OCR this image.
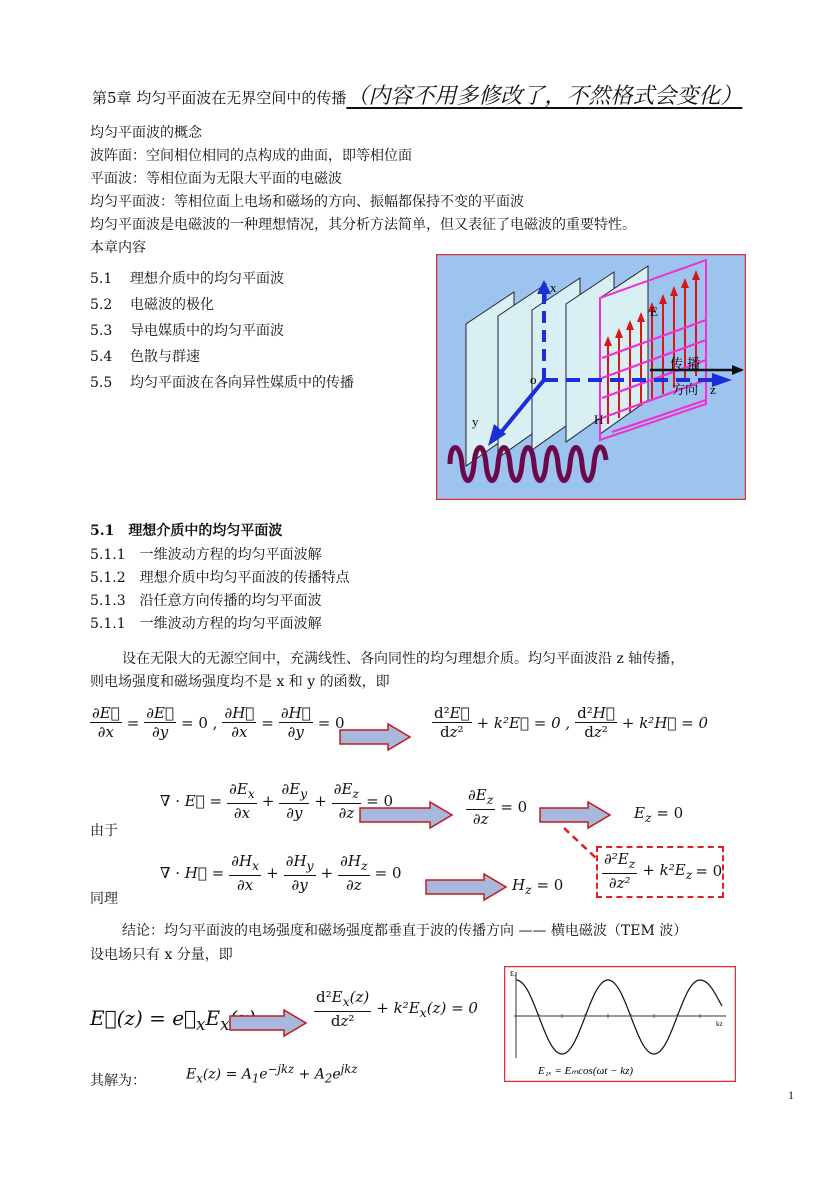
第5章 均匀平面波在无界空间中的传播（内容不用多修改了，不然格式会变化）
均匀平面波的概念
波阵面：空间相位相同的点构成的曲面，即等相位面
平面波：等相位面为无限大平面的电磁波
均匀平面波：等相位面上电场和磁场的方向、振幅都保持不变的平面波
均匀平面波是电磁波的一种理想情况，其分析方法简单，但又表征了电磁波的重要特性。
本章内容
5.1 理想介质中的均匀平面波
5.2 电磁波的极化
5.3 导电媒质中的均匀平面波
5.4 色散与群速
5.5 均匀平面波在各向异性媒质中的传播
x
o
y
E
H
z
传 播
方向
5.1　理想介质中的均匀平面波
5.1.1　一维波动方程的均匀平面波解
5.1.2　理想介质中均匀平面波的传播特点
5.1.3　沿任意方向传播的均匀平面波
5.1.1　一维波动方程的均匀平面波解
设在无限大的无源空间中，充满线性、各向同性的均匀理想介质。均匀平面波沿 z 轴传播，
则电场强度和磁场强度均不是 x 和 y 的函数，即
$\frac{\partial E⃗}{\partial x} = \frac{\partial E⃗}{\partial y} = 0$ , $\frac{\partial H⃗}{\partial x} = \frac{\partial H⃗}{\partial y} = 0$	$\frac{\text{d²E⃗}}{\text{dz²}}$ + k²E⃗ = 0 , $\frac{\text{d²H⃗}}{\text{dz²}}$ + k²H⃗ = 0
∇ · E⃗ = $\frac{\partial E_x}{\partial x} + \frac{\partial E_y}{\partial y} + \frac{\partial E_z}{\partial z} = 0$	$\frac{\partial E_z}{\partial z} = 0$	$E_z = 0$
由于
∇ · H⃗ = $\frac{\partial H_x}{\partial x} + \frac{\partial H_y}{\partial y} + \frac{\partial H_z}{\partial z} = 0$
$H_z = 0$	$\frac{\partial^2E_z}{\text{∂z²}} + k^2E_z = 0$
同理
结论：均匀平面波的电场强度和磁场强度都垂直于波的传播方向 —— 横电磁波（TEM 波）
设电场只有 x 分量，即
E⃗(z) = $e⃗_xE_x$	$\frac{d^2E_x(z)}{\text{dz²}} + k^2E_x(z) = 0$
其解为：	$E_x(z) = A_1e^{-jkz} + A_2e^{jkz}$
Eₓ
kz
E₁ₓ = Eₘcos(ωt − kz)
1
